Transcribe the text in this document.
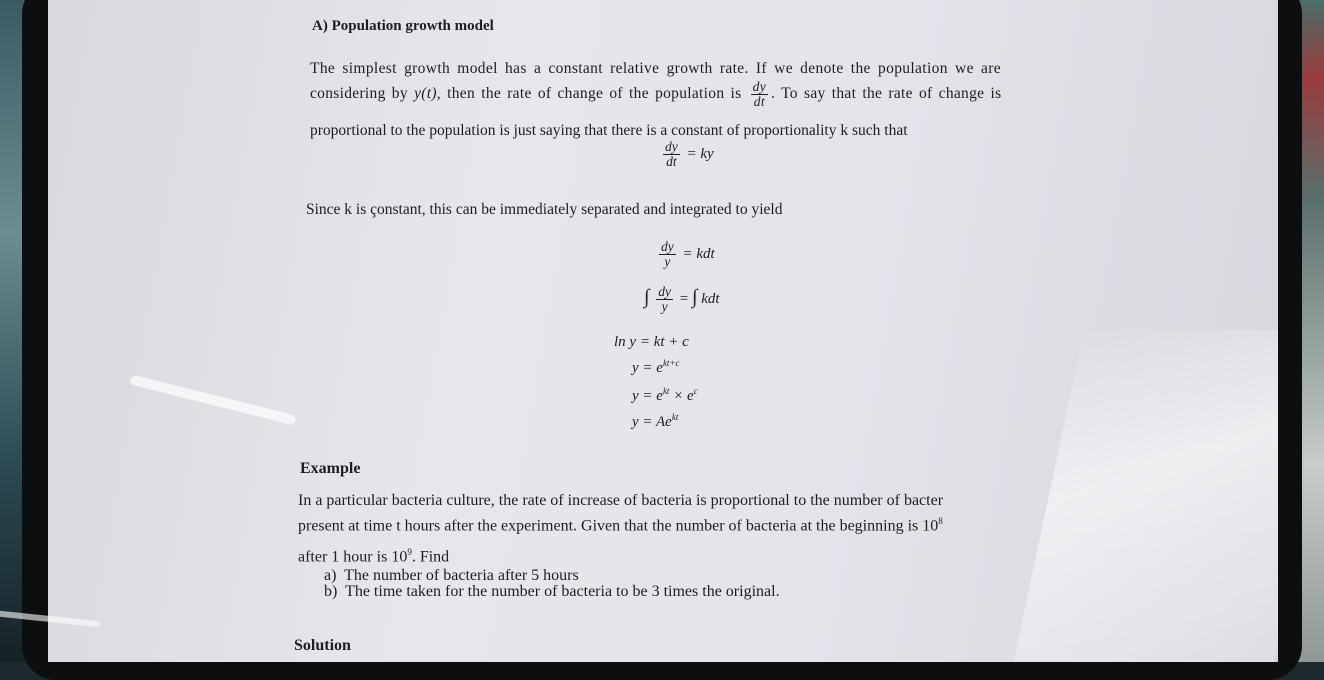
A) Population growth model
The simplest growth model has a constant relative growth rate. If we denote the population we are
considering by y(t), then the rate of change of the population is $\frac{dy}{dt}$ . To say that the rate of change is
proportional to the population is just saying that there is a constant of proportionality k such that
$\frac{dy}{dt}$ = ky
Since k is çonstant, this can be immediately separated and integrated to yield
$\frac{dy}{y}$ = kdt
∫ $\frac{dy}{y}$ = ∫ kdt
ln y = kt + c
$y = e^{kt+c}$
$y = e^{kt} \times e^c$
$y = Ae^{kt}$
Example
In a particular bacteria culture, the rate of increase of bacteria is proportional to the number of bacter
present at time t hours after the experiment. Given that the number of bacteria at the beginning is $10^8$
after 1 hour is $10^9$. Find
a) The number of bacteria after 5 hours
b) The time taken for the number of bacteria to be 3 times the original.
Solution
